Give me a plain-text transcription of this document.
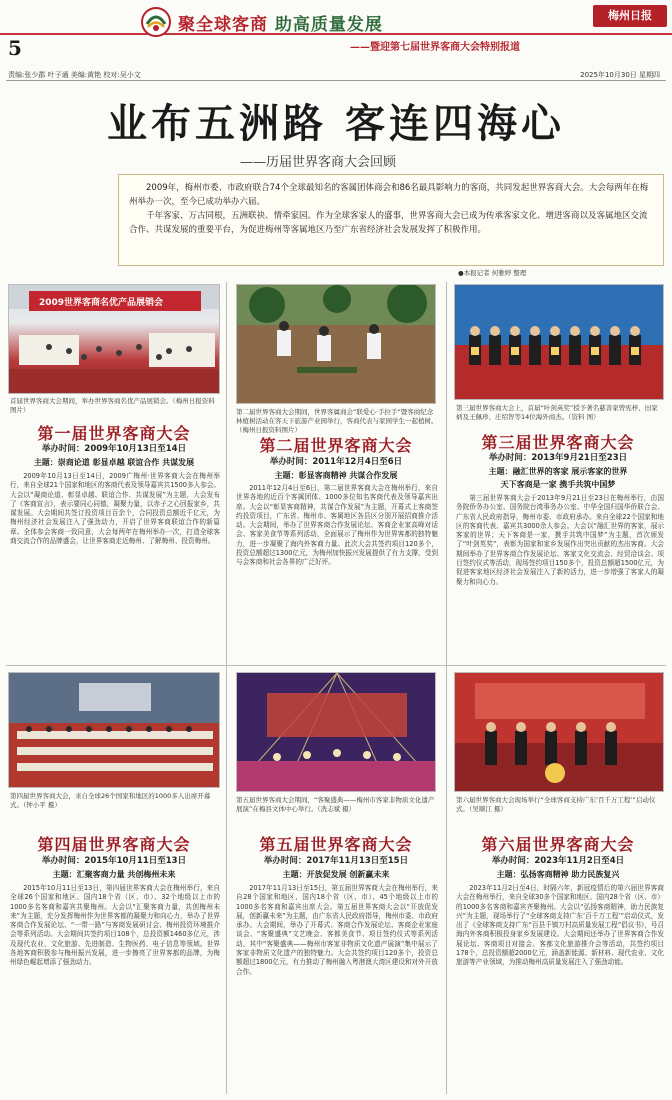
5
聚全球客商 助高质量发展
——暨迎第七届世界客商大会特别报道
梅州日报
责编:张少郡 叶子通 美编:黄艳 校对:吴小文	2025年10月30日 星期四
业布五洲路 客连四海心
——历届世界客商大会回顾

2009年，梅州市委、市政府联合74个全球最知名的客属团体商会和86名最具影响力的客商，共同发起世界客商大会。大会每两年在梅州举办一次，至今已成功举办六届。

千年客家、万古同根，五洲联袂、情牵家园。作为全球客家人的盛事，世界客商大会已成为传承客家文化、增进客商以及客属地区交流合作、共谋发展的重要平台，为促进梅州等客属地区乃至广东省经济社会发展发挥了积极作用。

●本报记者 何雅婷 整理
2009世界客商名优产品展销会
首届世界客商大会期间，举办世界客商名优产品展销会。（梅州日报资料图片）
第一届世界客商大会
举办时间：2009年10月13日至14日
主题：崇商论道 彰显卓越 联谊合作 共谋发展
2009年10月13日至14日，2009广梅州·世界客商大会在梅州举行，来自全球21个国家和地区的客商代表及领导嘉宾共1500多人参会。大会以“凝商论道、彰显卓越、联谊合作、共谋发展”为主题，大会发布了《客商宣言》，表示要同心同德，凝聚力量，以赤子之心回报家乡，共谋发展。大会期间共签订投资项目百余个，合同投资总额近千亿元，为梅州经济社会发展注入了强劲动力，开启了世界客商联谊合作的新篇章。全体参会客商一致同意，大会每两年在梅州举办一次，打造全球客商交流合作的品牌盛会，让世界客商走近梅州、了解梅州、投资梅州。
第二届世界客商大会期间，世界客属商会“联爱心·手拉手”暨客商纪念林植树活动在客天下旅游产业园举行，客商代表与家园学生一起植树。（梅州日报资料图片）
第二届世界客商大会
举办时间：2011年12月4日至6日
主题：彰显客商精神 共谋合作发展
2011年12月4日至6日，第二届世界客商大会在梅州举行，来自世界各地的近百个客属团体、1000多位知名客商代表及领导嘉宾出席。大会以“彰显客商精神，共谋合作发展”为主题，开幕式上客商签约投资项目，广东省、梅州市、客属地区各县区分别开展招商推介活动。大会期间，举办了世界客商合作发展论坛、客商企业家高峰对话会、客家美食节等系列活动，全面展示了梅州作为世界客都的独特魅力，进一步凝聚了海内外客商力量。此次大会共签约项目120多个，投资总额超过1300亿元，为梅州加快振兴发展提供了有力支撑，受到与会客商和社会各界的广泛好评。
第三届世界客商大会上，首届“叶剑英奖”授予著名慈善家曾宪梓、田家炳及王佩珍、庄绍智等14位海外商杰。（资料 图）
第三届世界客商大会
举办时间：2013年9月21日至23日
主题：融汇世界的客家 展示客家的世界
天下客商是一家 携手共筑中国梦
第三届世界客商大会于2013年9月21日至23日在梅州举行，由国务院侨务办公室、国务院台湾事务办公室、中华全国归国华侨联合会、广东省人民政府指导，梅州市委、市政府承办。来自全球22个国家和地区的客商代表、嘉宾共3000余人参会。大会以“融汇世界的客家，展示客家的世界；天下客商是一家，携手共筑中国梦”为主题，首次颁发了“叶剑英奖”，表彰为国家和家乡发展作出突出贡献的杰出客商。大会期间举办了世界客商合作发展论坛、客家文化交流会、经贸洽谈会、项目签约仪式等活动，现场签约项目150多个，投资总额超1500亿元，为促进客家地区经济社会发展注入了新的活力，进一步增强了客家人的凝聚力和向心力。
第四届世界客商大会，来自全球26个国家和地区的1000多人出席开幕式。（钟小平 摄）
第四届世界客商大会
举办时间：2015年10月11日至13日
主题：汇聚客商力量 共创梅州未来
2015年10月11日至13日，第四届世界客商大会在梅州举行，来自全球26个国家和地区、国内18个省（区、市）、32个地级以上市的1000多名客商和嘉宾共聚梅州。大会以“汇聚客商力量，共创梅州未来”为主题，充分发挥梅州作为世界客都的凝聚力和向心力，举办了世界客商合作发展论坛、“一带一路”与客商发展研讨会、梅州投资环境推介会等系列活动。大会期间共签约项目108个，总投资额1460多亿元，涉及现代农业、文化旅游、先进制造、生物医药、电子信息等领域。世界各地客商积极参与梅州振兴发展，进一步擦亮了世界客都的品牌，为梅州绿色崛起增添了强劲动力。
第五届世界客商大会期间，“客聚盛典——梅州市客家非物质文化遗产展演”在梅县文体中心举行。（冼志斌 摄）
第五届世界客商大会
举办时间：2017年11月13日至15日
主题：开放促发展 创新赢未来
2017年11月13日至15日，第五届世界客商大会在梅州举行，来自28个国家和地区、国内18个省（区、市）、45个地级以上市的1000多名客商和嘉宾出席大会。第五届世界客商大会以“开放促发展，创新赢未来”为主题，由广东省人民政府指导，梅州市委、市政府承办。大会期间，举办了开幕式、客商合作发展论坛、客商企业家座谈会、“客聚盛典”文艺晚会、客都美食节、项目签约仪式等系列活动，其中“客聚盛典——梅州市客家非物质文化遗产展演”集中展示了客家非物质文化遗产的独特魅力。大会共签约项目120多个，投资总额超过1800亿元，有力推动了梅州融入粤港澳大湾区建设和对外开放合作。
第六届世界客商大会现场举行“全球客商支持广东‘百千万工程’”启动仪式。（吴顺江 摄）
第六届世界客商大会
举办时间：2023年11月2日至4日
主题：弘扬客商精神 助力民族复兴
2023年11月2日至4日，时隔六年，新冠疫情后的第六届世界客商大会在梅州举行，来自全球30多个国家和地区、国内28个省（区、市）的1000多名客商和嘉宾齐聚梅州。大会以“弘扬客商精神，助力民族复兴”为主题，现场举行了“全球客商支持广东‘百千万工程’”启动仪式，发出了《全球客商支持广东“百县千镇万村高质量发展工程”倡议书》，号召海内外客商积极投身家乡发展建设。大会期间还举办了世界客商合作发展论坛、客商项目对接会、客都文化旅游推介会等活动，共签约项目178个，总投资额超2000亿元，涵盖新能源、新材料、现代农业、文化旅游等产业领域，为推动梅州高质量发展注入了强劲动能。
